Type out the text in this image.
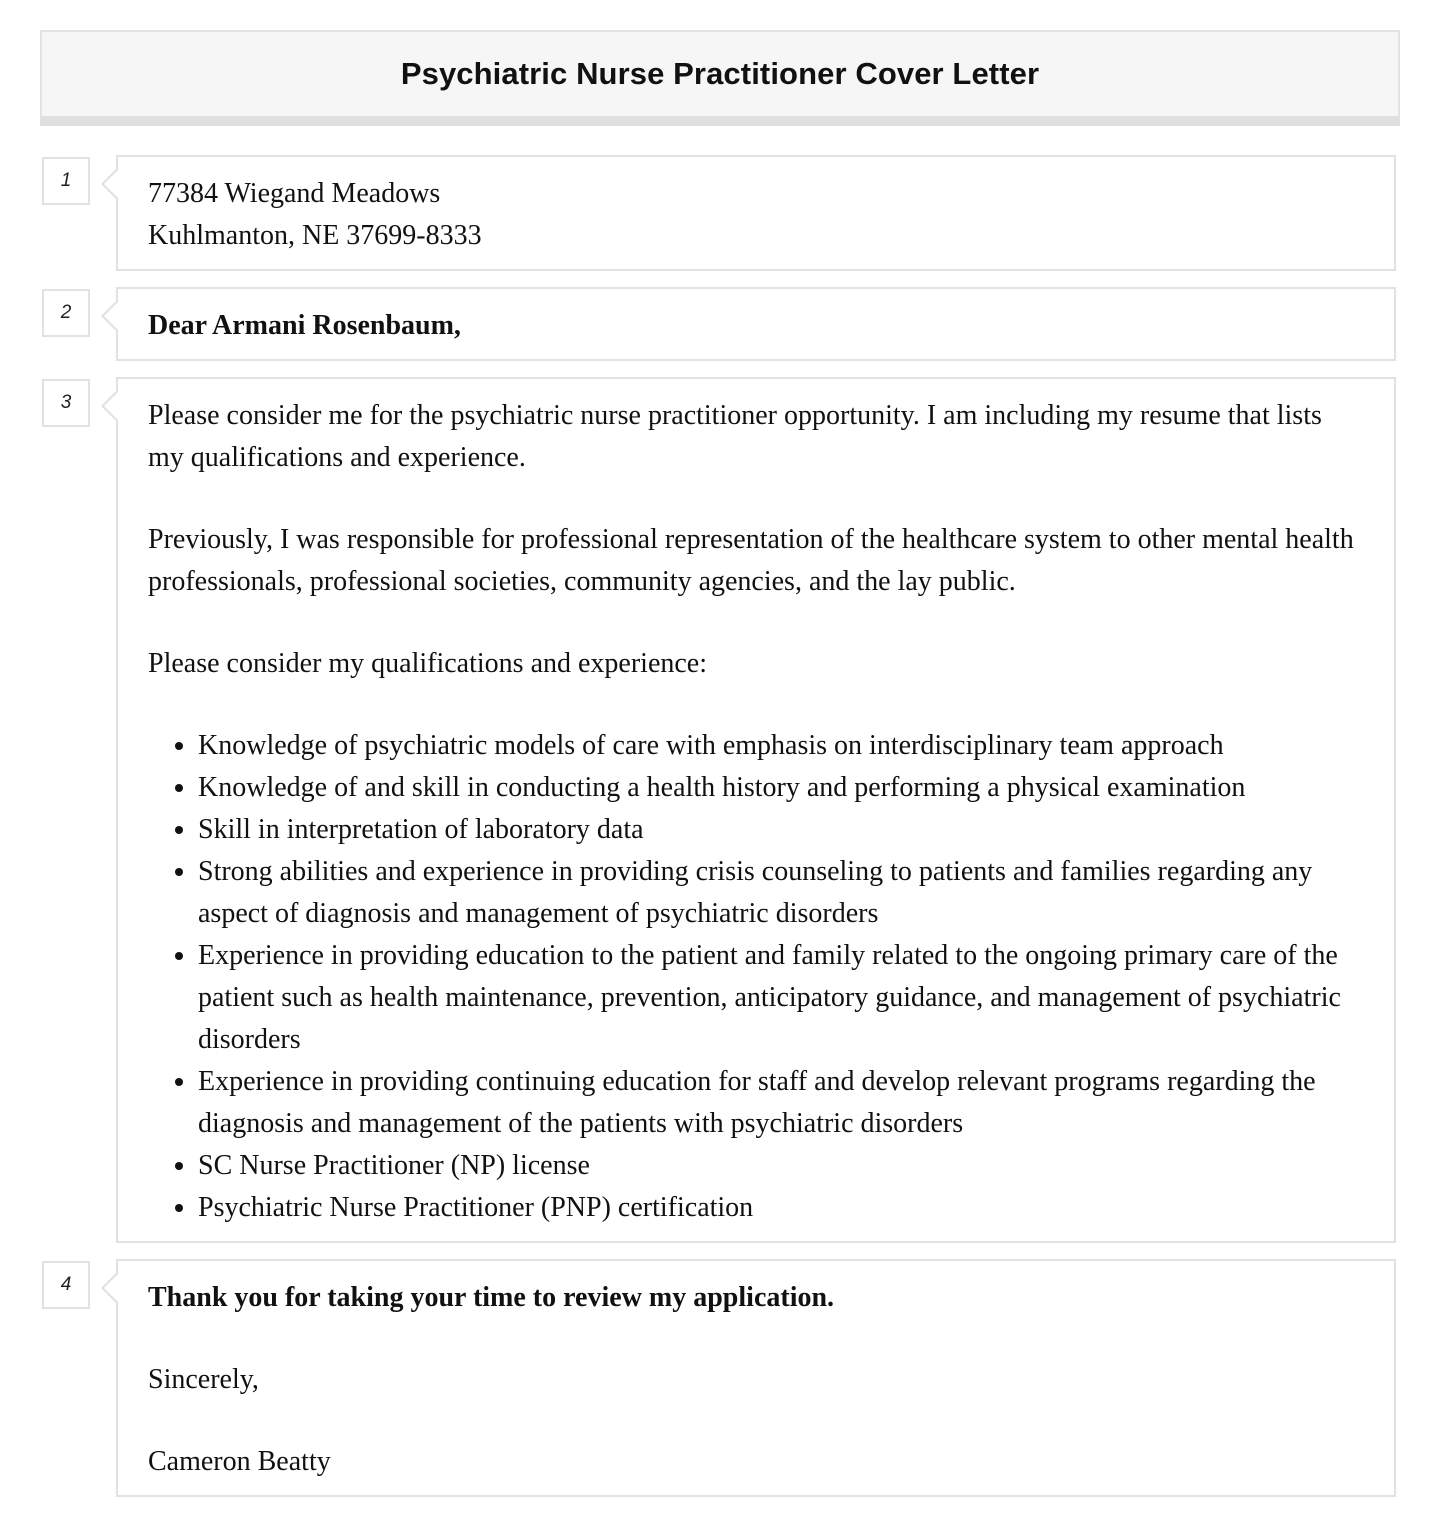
Psychiatric Nurse Practitioner Cover Letter
1	77384 Wiegand Meadows
Kuhlmanton, NE 37699-8333
2	Dear Armani Rosenbaum,
3	Please consider me for the psychiatric nurse practitioner opportunity. I am including my resume that lists my qualifications and experience.

Previously, I was responsible for professional representation of the healthcare system to other mental health professionals, professional societies, community agencies, and the lay public.

Please consider my qualifications and experience:

• Knowledge of psychiatric models of care with emphasis on interdisciplinary team approach
• Knowledge of and skill in conducting a health history and performing a physical examination
• Skill in interpretation of laboratory data
• Strong abilities and experience in providing crisis counseling to patients and families regarding any aspect of diagnosis and management of psychiatric disorders
• Experience in providing education to the patient and family related to the ongoing primary care of the patient such as health maintenance, prevention, anticipatory guidance, and management of psychiatric disorders
• Experience in providing continuing education for staff and develop relevant programs regarding the diagnosis and management of the patients with psychiatric disorders
• SC Nurse Practitioner (NP) license
• Psychiatric Nurse Practitioner (PNP) certification
4	Thank you for taking your time to review my application.

Sincerely,

Cameron Beatty
